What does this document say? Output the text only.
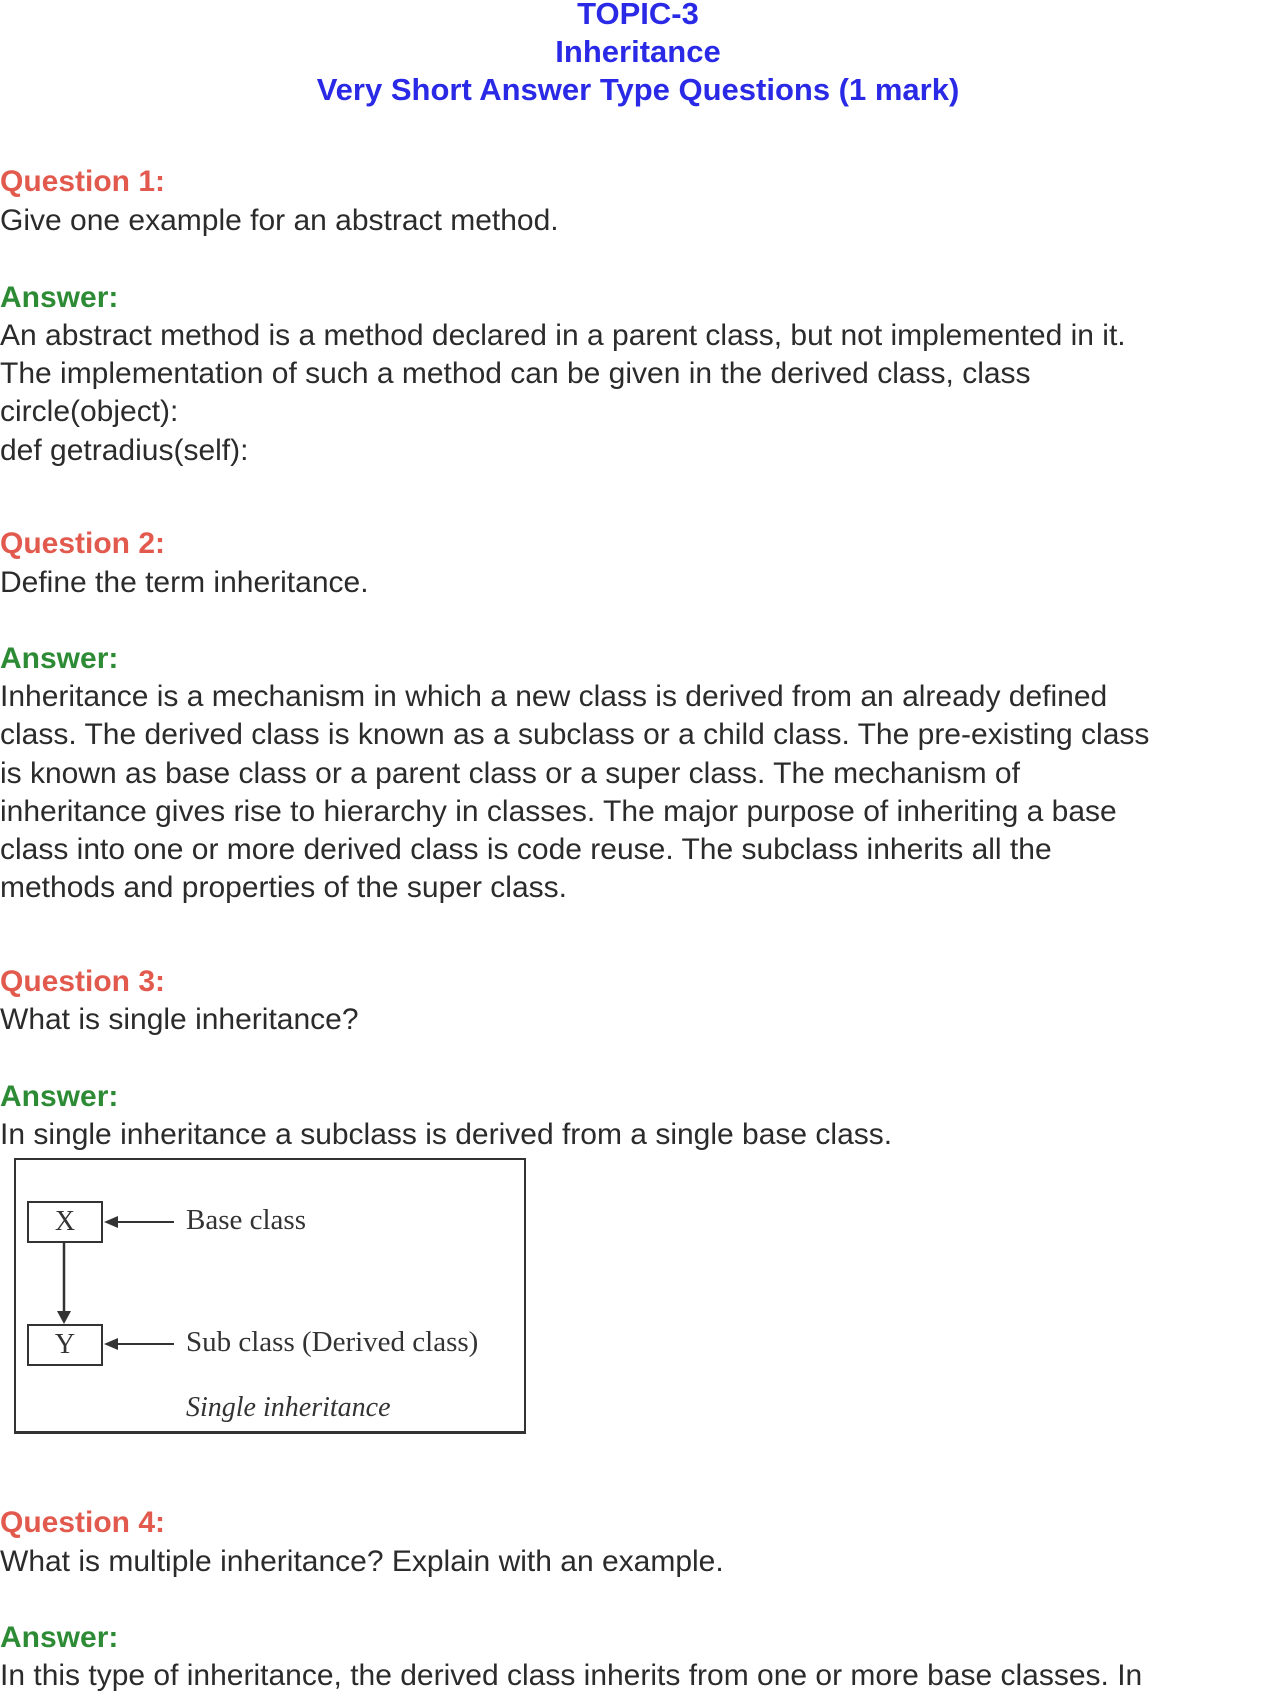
TOPIC-3
Inheritance
Very Short Answer Type Questions (1 mark)
Question 1:
Give one example for an abstract method.
Answer:
An abstract method is a method declared in a parent class, but not implemented in it.
The implementation of such a method can be given in the derived class, class
circle(object):
def getradius(self):
Question 2:
Define the term inheritance.
Answer:
Inheritance is a mechanism in which a new class is derived from an already defined
class. The derived class is known as a subclass or a child class. The pre-existing class
is known as base class or a parent class or a super class. The mechanism of
inheritance gives rise to hierarchy in classes. The major purpose of inheriting a base
class into one or more derived class is code reuse. The subclass inherits all the
methods and properties of the super class.
Question 3:
What is single inheritance?
Answer:
In single inheritance a subclass is derived from a single base class.
X
Y
Base class
Sub class (Derived class)
Single inheritance
Question 4:
What is multiple inheritance? Explain with an example.
Answer:
In this type of inheritance, the derived class inherits from one or more base classes. In
